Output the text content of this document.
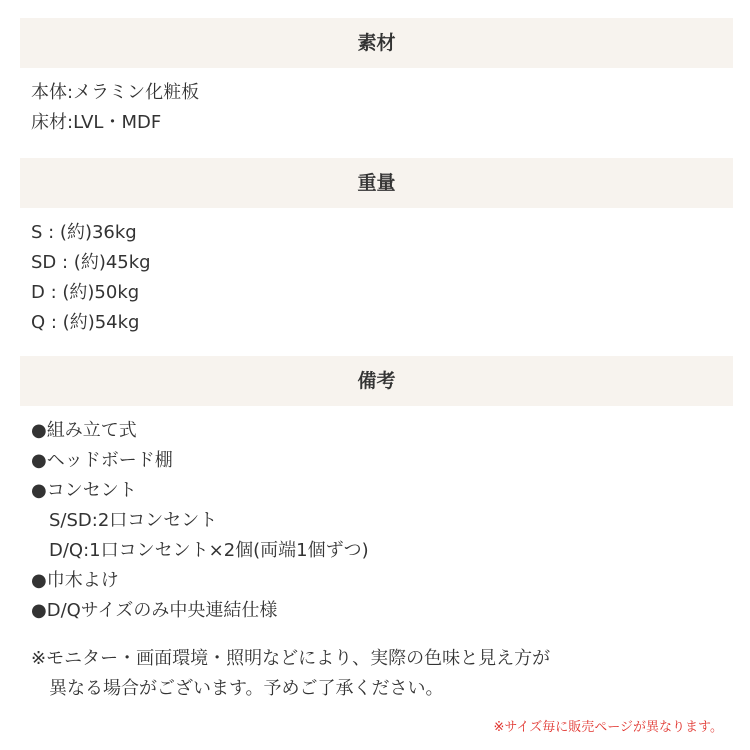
素材
本体:メラミン化粧板
床材:LVL・MDF
重量
S : (約)36kg
SD : (約)45kg
D : (約)50kg
Q : (約)54kg
備考
●組み立て式
●ヘッドボード棚
●コンセント
S/SD:2口コンセント
D/Q:1口コンセント×2個(両端1個ずつ)
●巾木よけ
●D/Qサイズのみ中央連結仕様
※モニター・画面環境・照明などにより、実際の色味と見え方が
異なる場合がございます。予めご了承ください。
※サイズ毎に販売ページが異なります。
